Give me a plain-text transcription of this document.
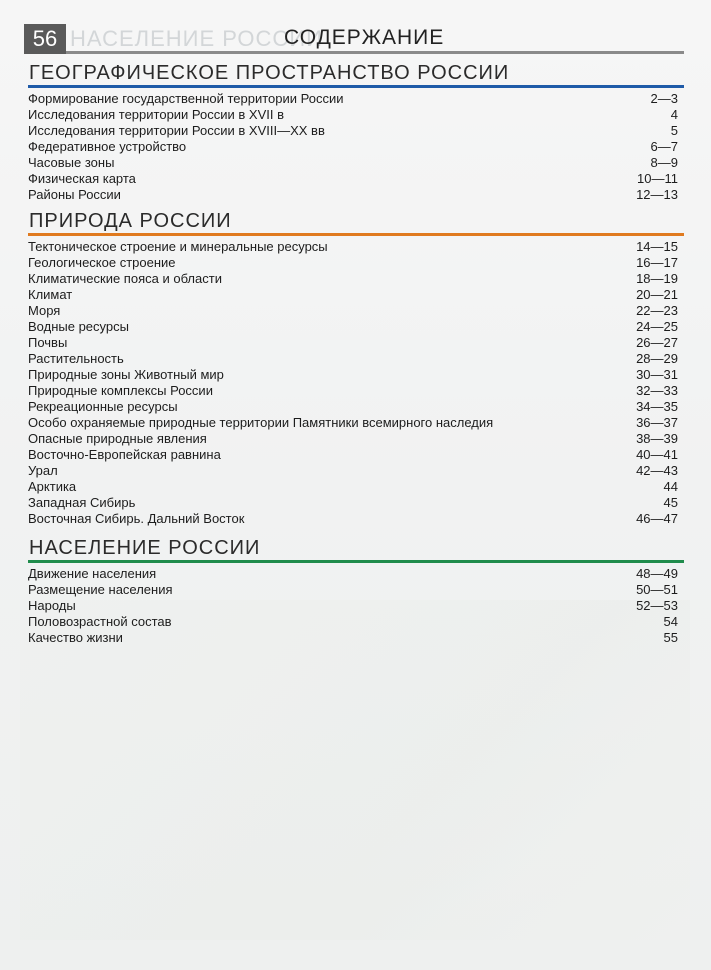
56 НАСЕЛЕНИЕ РОССИИ
СОДЕРЖАНИЕ
ГЕОГРАФИЧЕСКОЕ ПРОСТРАНСТВО РОССИИ
Формирование государственной территории России	2—3
Исследования территории России в XVII в	4
Исследования территории России в XVIII—XX вв	5
Федеративное устройство	6—7
Часовые зоны	8—9
Физическая карта	10—11
Районы России	12—13
ПРИРОДА РОССИИ
Тектоническое строение и минеральные ресурсы	14—15
Геологическое строение	16—17
Климатические пояса и области	18—19
Климат	20—21
Моря	22—23
Водные ресурсы	24—25
Почвы	26—27
Растительность	28—29
Природные зоны Животный мир	30—31
Природные комплексы России	32—33
Рекреационные ресурсы	34—35
Особо охраняемые природные территории Памятники всемирного наследия	36—37
Опасные природные явления	38—39
Восточно-Европейская равнина	40—41
Урал	42—43
Арктика	44
Западная Сибирь	45
Восточная Сибирь. Дальний Восток	46—47
НАСЕЛЕНИЕ РОССИИ
Движение населения	48—49
Размещение населения	50—51
Народы	52—53
Половозрастной состав	54
Качество жизни	55
